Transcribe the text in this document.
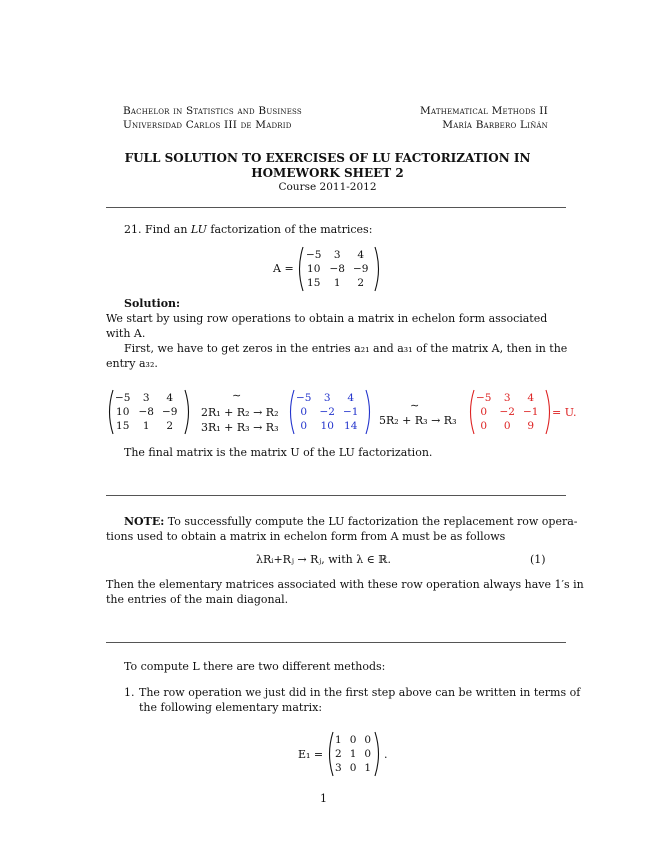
Bachelor in Statistics and Business
Universidad Carlos III de Madrid
Mathematical Methods II
María Barbero Liñán
FULL SOLUTION TO EXERCISES OF LU FACTORIZATION IN
HOMEWORK SHEET 2
Course 2011-2012
21. Find an LU factorization of the matrices:
A =
−5	3	4
10	−8	−9
15	1	2
Solution:
We start by using row operations to obtain a matrix in echelon form associated
with A.
First, we have to get zeros in the entries a₂₁ and a₃₁ of the matrix A, then in the
entry a₃₂.
−5	3	4
10	−8	−9
15	1	2
∼
2R₁ + R₂ → R₂
3R₁ + R₃ → R₃
−5	3	4
0	−2	−1
0	10	14
∼
5R₂ + R₃ → R₃
−5	3	4
0	−2	−1
0	0	9
= U.
The final matrix is the matrix U of the LU factorization.
NOTE: To successfully compute the LU factorization the replacement row opera-
tions used to obtain a matrix in echelon form from A must be as follows
λRᵢ+Rⱼ → Rⱼ, with λ ∈ ℝ.	(1)
Then the elementary matrices associated with these row operation always have 1′s in
the entries of the main diagonal.
To compute L there are two different methods:
1. The row operation we just did in the first step above can be written in terms of
the following elementary matrix:
E₁ =
1	0	0
2	1	0
3	0	1
.
1
